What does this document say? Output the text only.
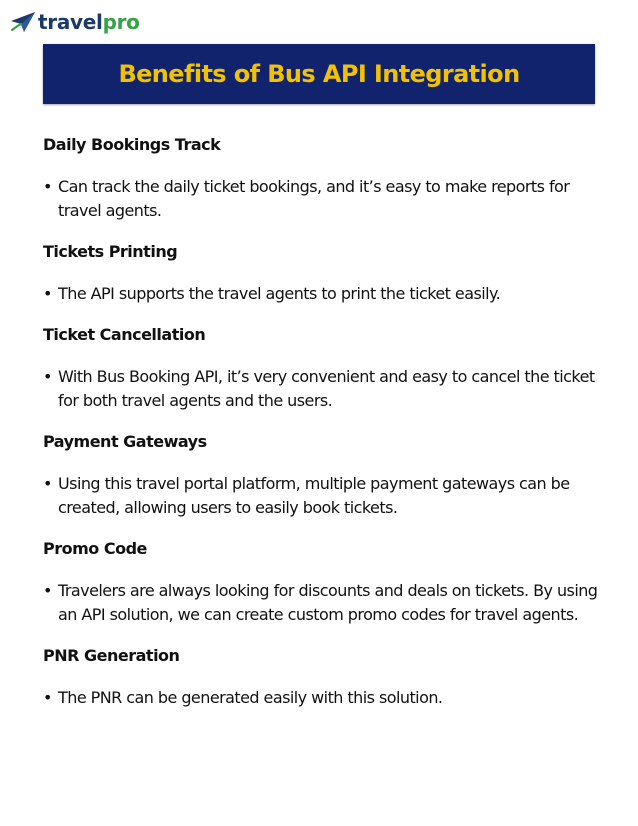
travelpro
Benefits of Bus API Integration
Daily Bookings Track
• Can track the daily ticket bookings, and it’s easy to make reports for travel agents.
Tickets Printing
• The API supports the travel agents to print the ticket easily.
Ticket Cancellation
• With Bus Booking API, it’s very convenient and easy to cancel the ticket for both travel agents and the users.
Payment Gateways
• Using this travel portal platform, multiple payment gateways can be created, allowing users to easily book tickets.
Promo Code
• Travelers are always looking for discounts and deals on tickets. By using an API solution, we can create custom promo codes for travel agents.
PNR Generation
• The PNR can be generated easily with this solution.
